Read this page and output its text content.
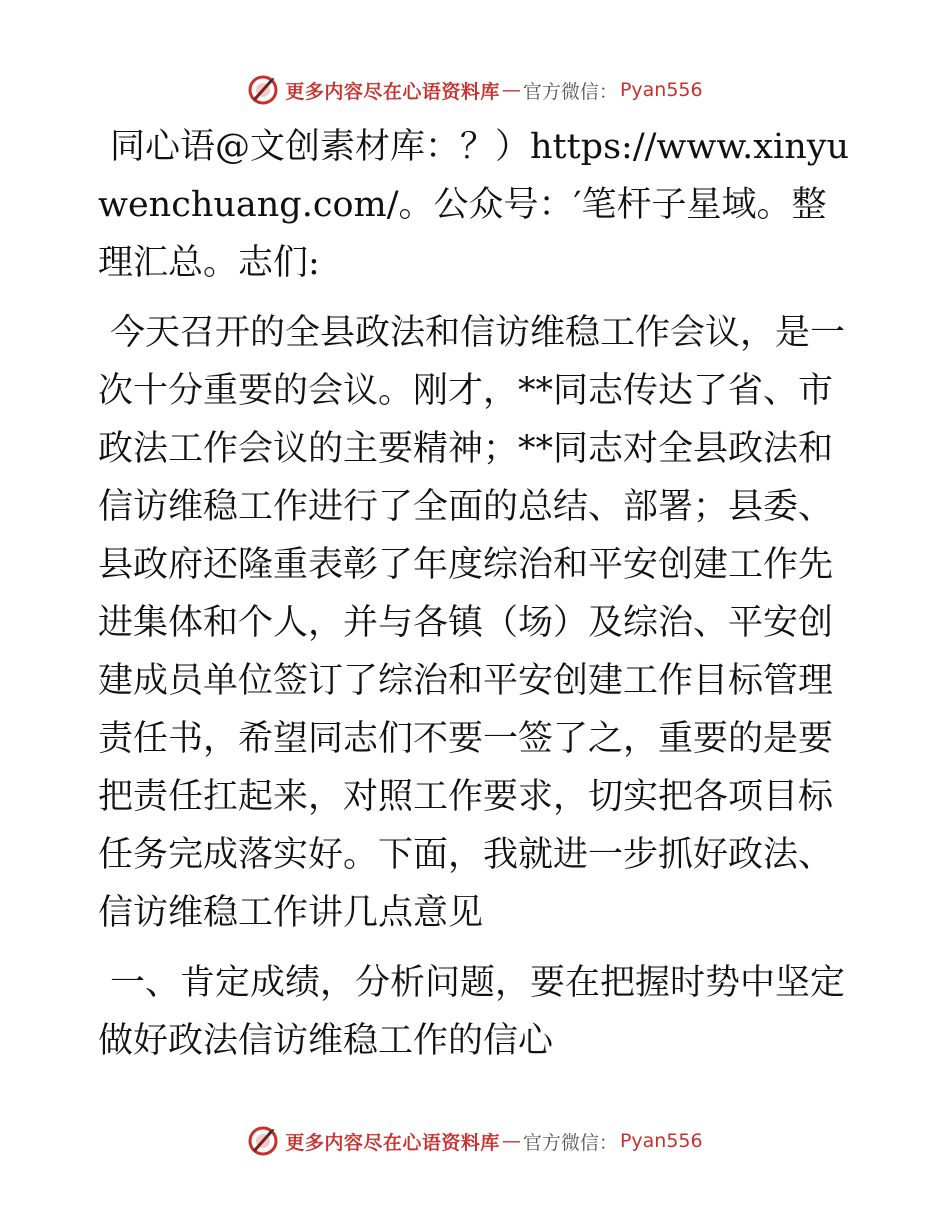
更多内容尽在心语资料库 — 官方微信： Pyan556

同心语@文创素材库：？）https://www.xinyuwenchuang.com/。公众号：′笔杆子星域。整理汇总。志们:

今天召开的全县政法和信访维稳工作会议，是一次十分重要的会议。刚才，**同志传达了省、市政法工作会议的主要精神；**同志对全县政法和信访维稳工作进行了全面的总结、部署；县委、县政府还隆重表彰了年度综治和平安创建工作先进集体和个人，并与各镇（场）及综治、平安创建成员单位签订了综治和平安创建工作目标管理责任书，希望同志们不要一签了之，重要的是要把责任扛起来，对照工作要求，切实把各项目标任务完成落实好。下面，我就进一步抓好政法、信访维稳工作讲几点意见

一、肯定成绩，分析问题，要在把握时势中坚定做好政法信访维稳工作的信心

更多内容尽在心语资料库 — 官方微信： Pyan556
